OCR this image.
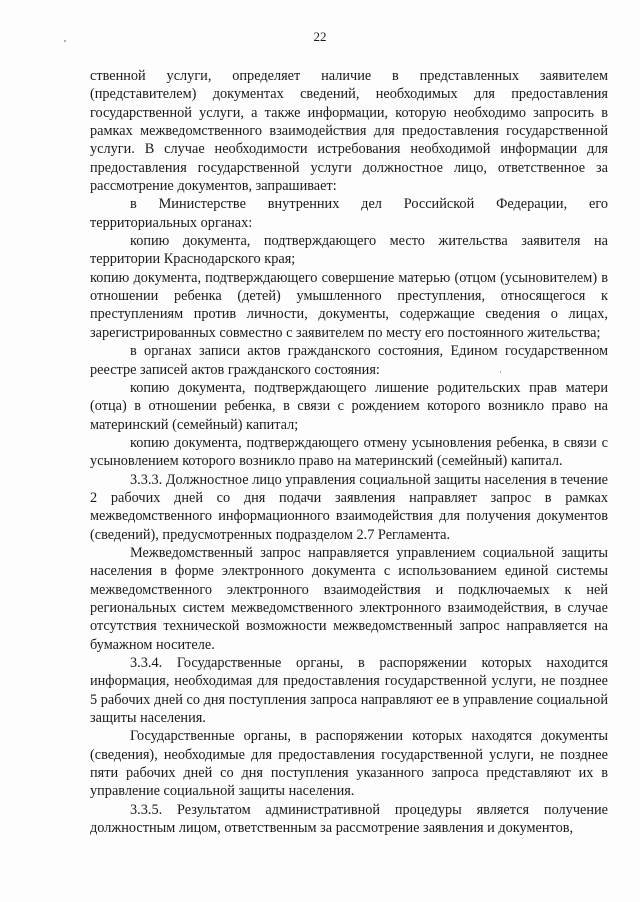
22

ственной услуги, определяет наличие в представленных заявителем (представителем) документах сведений, необходимых для предоставления государственной услуги, а также информации, которую необходимо запросить в рамках межведомственного взаимодействия для предоставления государственной услуги. В случае необходимости истребования необходимой информации для предоставления государственной услуги должностное лицо, ответственное за рассмотрение документов, запрашивает:

в Министерстве внутренних дел Российской Федерации, его территориальных органах:

копию документа, подтверждающего место жительства заявителя на территории Краснодарского края;

копию документа, подтверждающего совершение матерью (отцом (усыновителем) в отношении ребенка (детей) умышленного преступления, относящегося к преступлениям против личности, документы, содержащие сведения о лицах, зарегистрированных совместно с заявителем по месту его постоянного жительства;

в органах записи актов гражданского состояния, Едином государственном реестре записей актов гражданского состояния:

копию документа, подтверждающего лишение родительских прав матери (отца) в отношении ребенка, в связи с рождением которого возникло право на материнский (семейный) капитал;

копию документа, подтверждающего отмену усыновления ребенка, в связи с усыновлением которого возникло право на материнский (семейный) капитал.

3.3.3. Должностное лицо управления социальной защиты населения в течение 2 рабочих дней со дня подачи заявления направляет запрос в рамках межведомственного информационного взаимодействия для получения документов (сведений), предусмотренных подразделом 2.7 Регламента.

Межведомственный запрос направляется управлением социальной защиты населения в форме электронного документа с использованием единой системы межведомственного электронного взаимодействия и подключаемых к ней региональных систем межведомственного электронного взаимодействия, в случае отсутствия технической возможности межведомственный запрос направляется на бумажном носителе.

3.3.4. Государственные органы, в распоряжении которых находится информация, необходимая для предоставления государственной услуги, не позднее 5 рабочих дней со дня поступления запроса направляют ее в управление социальной защиты населения.

Государственные органы, в распоряжении которых находятся документы (сведения), необходимые для предоставления государственной услуги, не позднее пяти рабочих дней со дня поступления указанного запроса представляют их в управление социальной защиты населения.

3.3.5. Результатом административной процедуры является получение должностным лицом, ответственным за рассмотрение заявления и документов,
